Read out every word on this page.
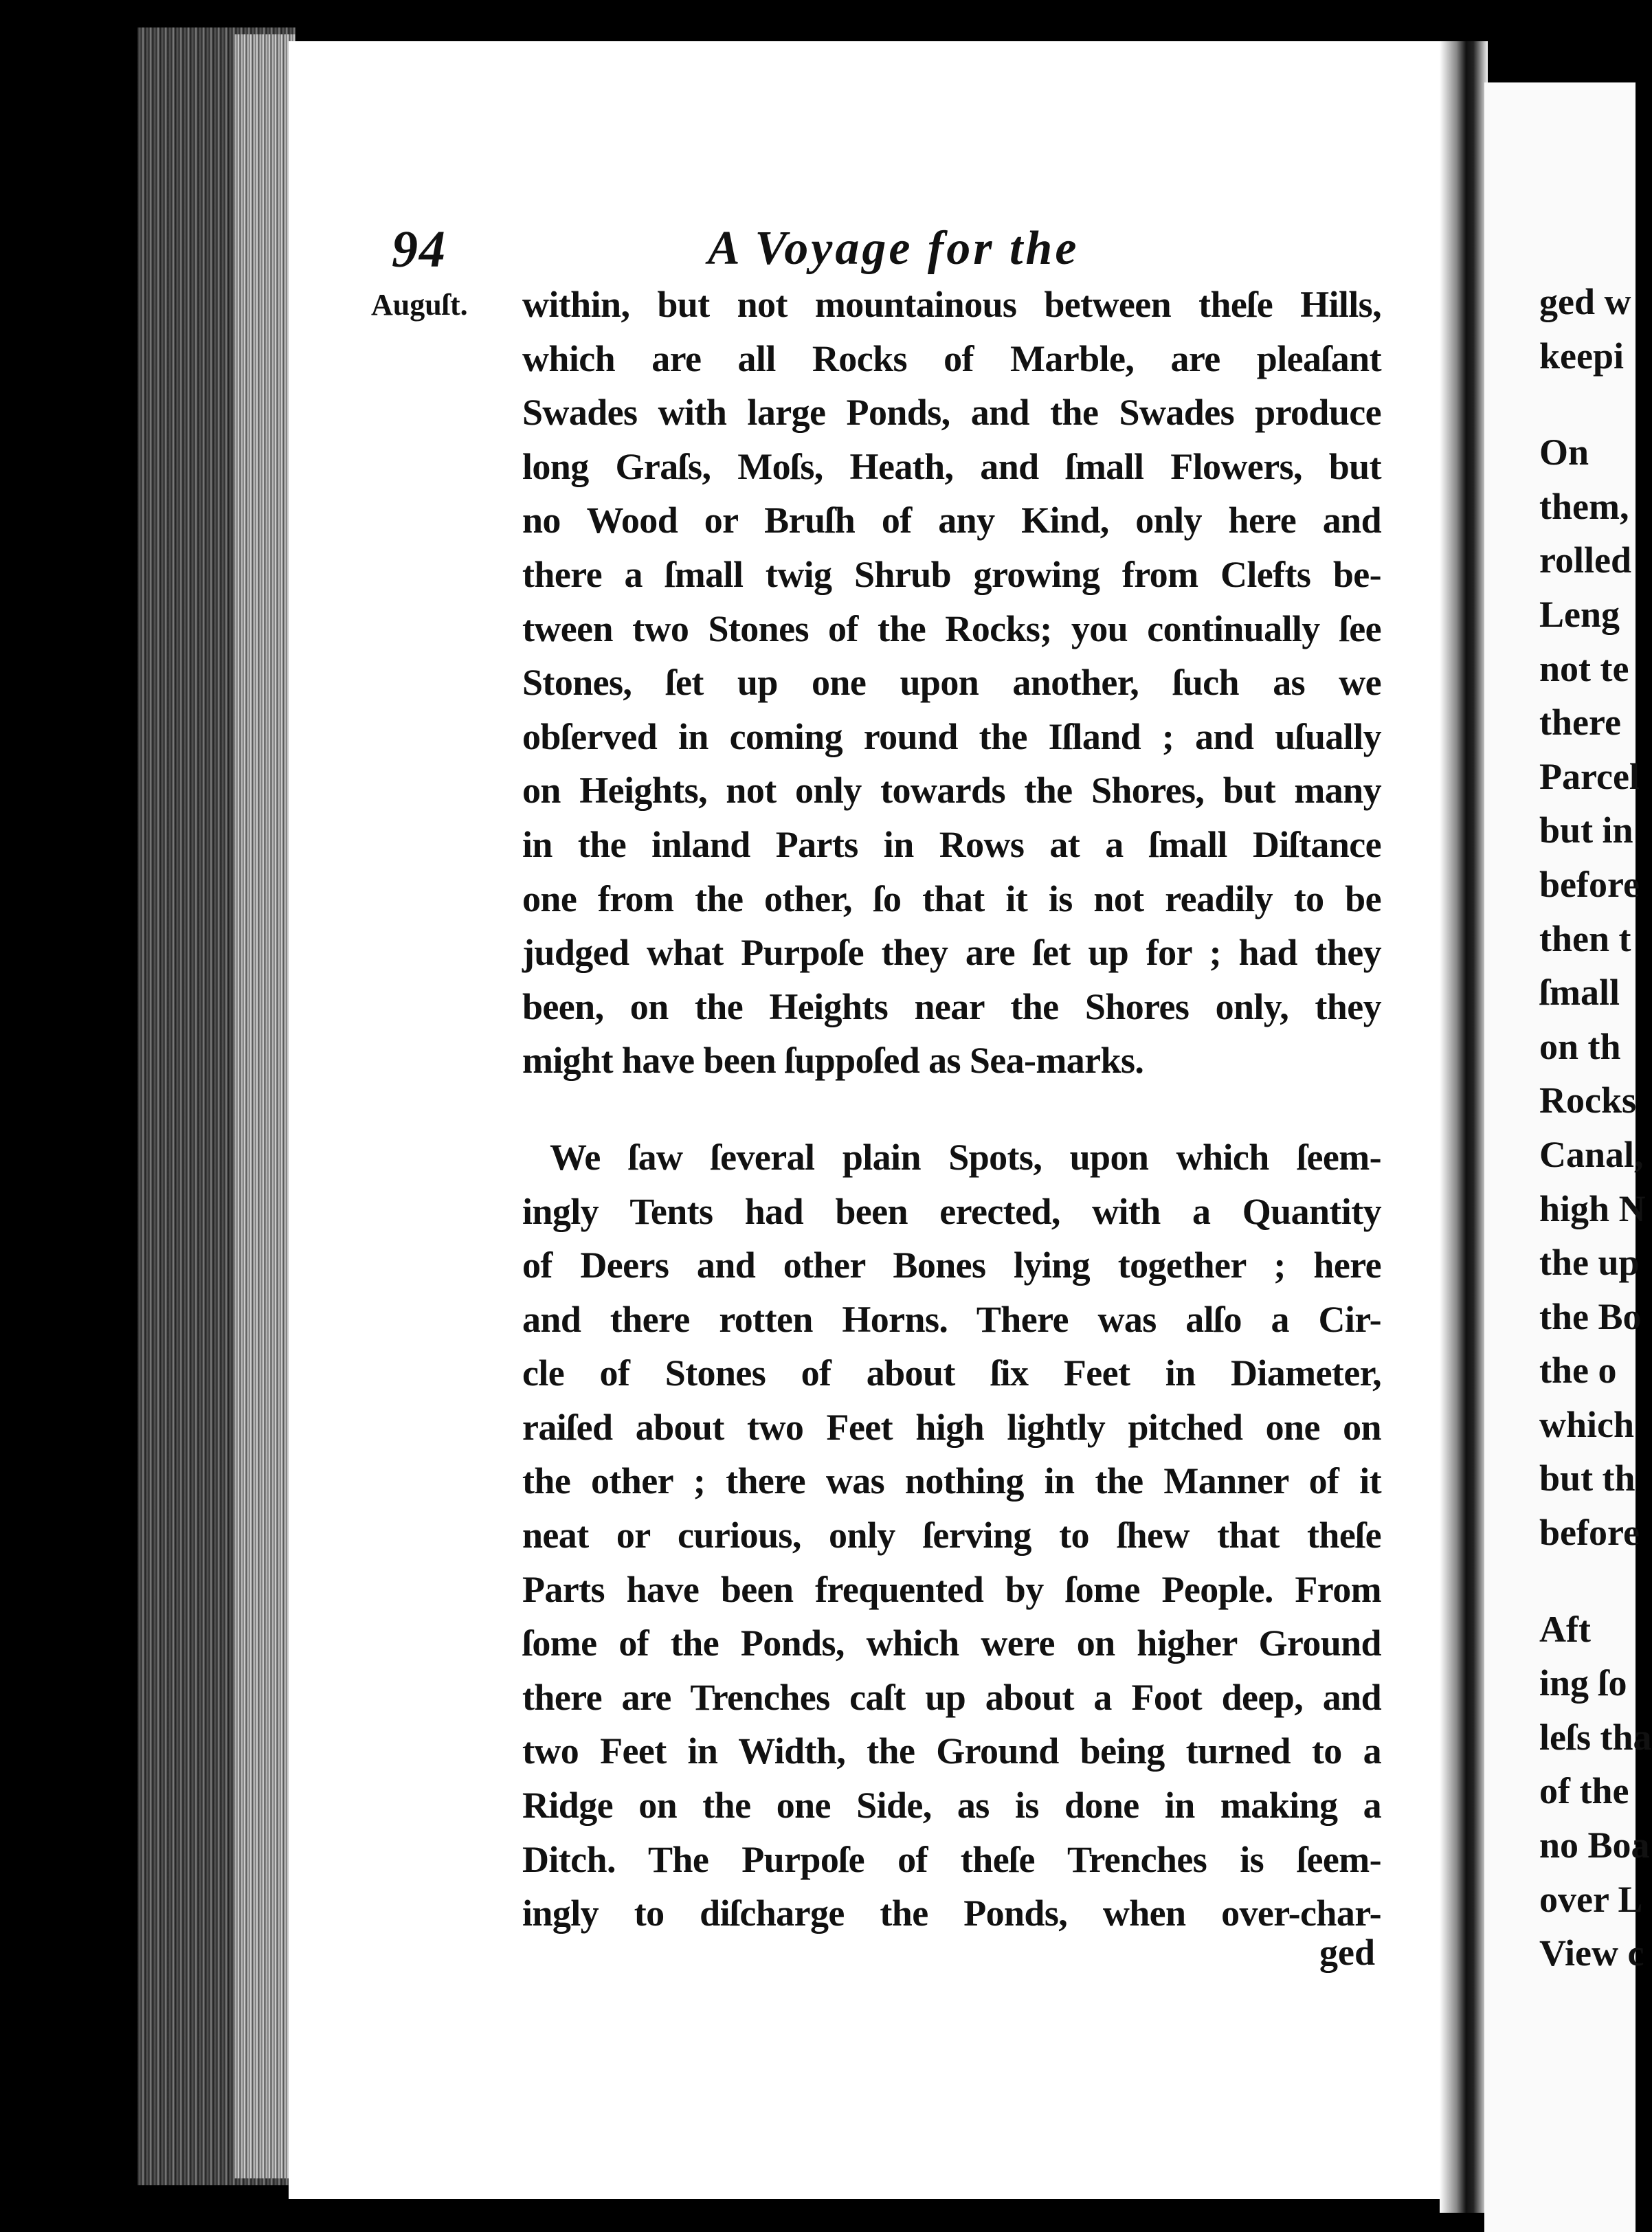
94	A Voyage for the
Auguſt. within, but not mountainous between theſe Hills,
which are all Rocks of Marble, are pleaſant
Swades with large Ponds, and the Swades produce
long Graſs, Moſs, Heath, and ſmall Flowers, but
no Wood or Bruſh of any Kind, only here and
there a ſmall twig Shrub growing from Clefts be-
tween two Stones of the Rocks; you continually ſee
Stones, ſet up one upon another, ſuch as we
obſerved in coming round the Iſland ; and uſually
on Heights, not only towards the Shores, but many
in the inland Parts in Rows at a ſmall Diſtance
one from the other, ſo that it is not readily to be
judged what Purpoſe they are ſet up for ; had they
been, on the Heights near the Shores only, they
might have been ſuppoſed as Sea-marks.
We ſaw ſeveral plain Spots, upon which ſeem-
ingly Tents had been erected, with a Quantity
of Deers and other Bones lying together ; here
and there rotten Horns. There was alſo a Cir-
cle of Stones of about ſix Feet in Diameter,
raiſed about two Feet high lightly pitched one on
the other ; there was nothing in the Manner of it
neat or curious, only ſerving to ſhew that theſe
Parts have been frequented by ſome People. From
ſome of the Ponds, which were on higher Ground
there are Trenches caſt up about a Foot deep, and
two Feet in Width, the Ground being turned to a
Ridge on the one Side, as is done in making a
Ditch. The Purpoſe of theſe Trenches is ſeem-
ingly to diſcharge the Ponds, when over-char-
ged
ged w
keepi
On
them,
rolled
Leng
not te
there
Parcel
but in
before
then t
ſmall
on th
Rocks
Canal,
high N
the up
the Bo
the o
which
but th
before
Aft
ing ſo
leſs tha
of the
no Boa
over L
View c
